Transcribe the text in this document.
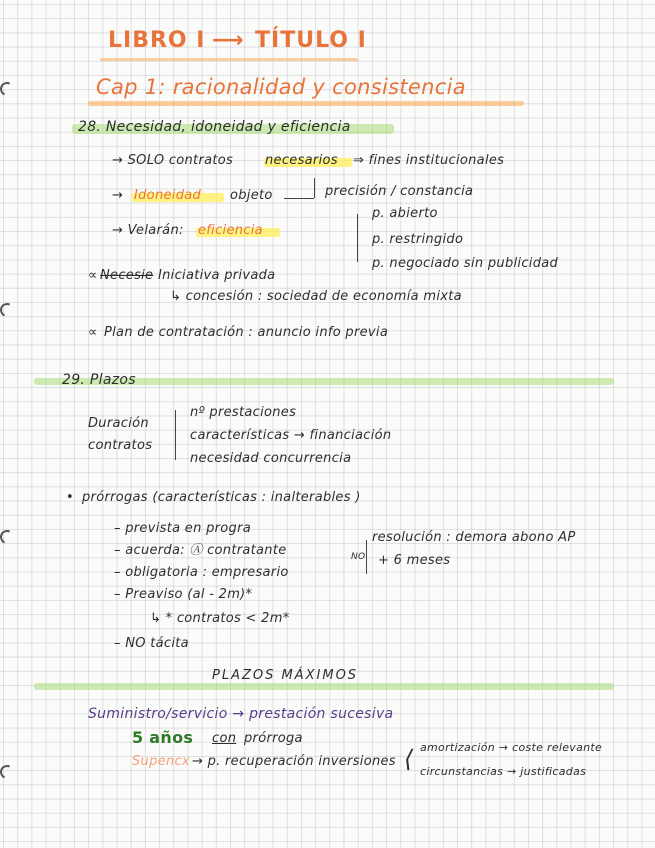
LIBRO I ⟶ TÍTULO I
Cap 1: racionalidad y consistencia
28. Necesidad, idoneidad y eficiencia
→ SOLO contratos necesarios ⇒ fines institucionales
→ Idoneidad objeto	precisión / constancia
→ Velarán: eficiencia
p. abierto
p. restringido
p. negociado sin publicidad
∝ Necesie Iniciativa privada
↳ concesión : sociedad de economía mixta
∝ Plan de contratación : anuncio info previa
29. Plazos
Duración
contratos
nº prestaciones
características → financiación
necesidad concurrencia
• prórrogas (características : inalterables )
– prevista en progra
– acuerda: Ⓐ contratante
– obligatoria : empresario
– Preaviso (al - 2m)*
↳ * contratos < 2m*
– NO tácita
NO
resolución : demora abono AP
+ 6 meses
PLAZOS MÁXIMOS
Suministro/servicio → prestación sucesiva
5 años con prórroga
Supencx → p. recuperación inversiones ⟨ amortización → coste relevante
circunstancias → justificadas
